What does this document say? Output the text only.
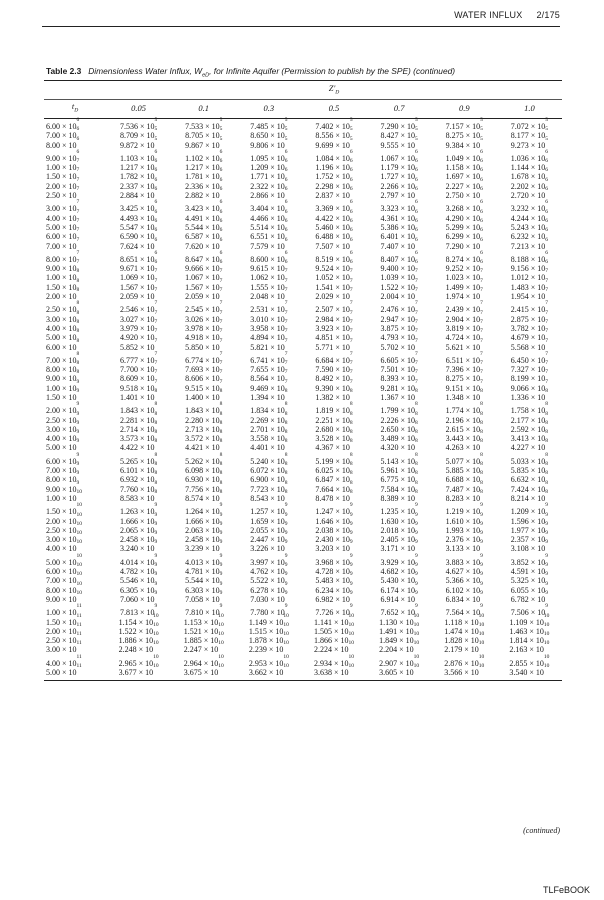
WATER INFLUX 2/175
Table 2.3 Dimensionless Water Influx, $W_{eD}$, for Infinite Aquifer (Permission to publish by the SPE) (continued)
	$Z'_D$
$t_D$	0.05	0.1	0.3	0.5	0.7	0.9	1.0
$6.00 \times 10^6$	$7.536 \times 10^5$	$7.533 \times 10^5$	$7.485 \times 10^5$	$7.402 \times 10^5$	$7.290 \times 10^5$	$7.157 \times 10^5$	$7.072 \times 10^5$
$7.00 \times 10^6$	$8.709 \times 10^5$	$8.705 \times 10^5$	$8.650 \times 10^5$	$8.556 \times 10^5$	$8.427 \times 10^5$	$8.275 \times 10^5$	$8.177 \times 10^5$
$8.00 \times 10^6$	$9.872 \times 10^5$	$9.867 \times 10^5$	$9.806 \times 10^5$	$9.699 \times 10^5$	$9.555 \times 10^5$	$9.384 \times 10^5$	$9.273 \times 10^5$

$9.00 \times 10^6$	$1.103 \times 10^6$	$1.102 \times 10^6$	$1.095 \times 10^6$	$1.084 \times 10^6$	$1.067 \times 10^6$	$1.049 \times 10^6$	$1.036 \times 10^6$
$1.00 \times 10^7$	$1.217 \times 10^6$	$1.217 \times 10^6$	$1.209 \times 10^6$	$1.196 \times 10^6$	$1.179 \times 10^6$	$1.158 \times 10^6$	$1.144 \times 10^6$
$1.50 \times 10^7$	$1.782 \times 10^6$	$1.781 \times 10^6$	$1.771 \times 10^6$	$1.752 \times 10^6$	$1.727 \times 10^6$	$1.697 \times 10^6$	$1.678 \times 10^6$
$2.00 \times 10^7$	$2.337 \times 10^6$	$2.336 \times 10^6$	$2.322 \times 10^6$	$2.298 \times 10^6$	$2.266 \times 10^6$	$2.227 \times 10^6$	$2.202 \times 10^6$
$2.50 \times 10^7$	$2.884 \times 10^6$	$2.882 \times 10^6$	$2.866 \times 10^6$	$2.837 \times 10^6$	$2.797 \times 10^6$	$2.750 \times 10^6$	$2.720 \times 10^6$

$3.00 \times 10^7$	$3.425 \times 10^6$	$3.423 \times 10^6$	$3.404 \times 10^6$	$3.369 \times 10^6$	$3.323 \times 10^6$	$3.268 \times 10^6$	$3.232 \times 10^6$
$4.00 \times 10^7$	$4.493 \times 10^6$	$4.491 \times 10^6$	$4.466 \times 10^6$	$4.422 \times 10^6$	$4.361 \times 10^6$	$4.290 \times 10^6$	$4.244 \times 10^6$
$5.00 \times 10^7$	$5.547 \times 10^6$	$5.544 \times 10^6$	$5.514 \times 10^6$	$5.460 \times 10^6$	$5.386 \times 10^6$	$5.299 \times 10^6$	$5.243 \times 10^6$
$6.00 \times 10^7$	$6.590 \times 10^6$	$6.587 \times 10^6$	$6.551 \times 10^6$	$6.488 \times 10^6$	$6.401 \times 10^6$	$6.299 \times 10^6$	$6.232 \times 10^6$
$7.00 \times 10^7$	$7.624 \times 10^6$	$7.620 \times 10^6$	$7.579 \times 10^6$	$7.507 \times 10^6$	$7.407 \times 10^6$	$7.290 \times 10^6$	$7.213 \times 10^6$

$8.00 \times 10^7$	$8.651 \times 10^6$	$8.647 \times 10^6$	$8.600 \times 10^6$	$8.519 \times 10^6$	$8.407 \times 10^6$	$8.274 \times 10^6$	$8.188 \times 10^6$
$9.00 \times 10^7$	$9.671 \times 10^6$	$9.666 \times 10^6$	$9.615 \times 10^6$	$9.524 \times 10^6$	$9.400 \times 10^6$	$9.252 \times 10^6$	$9.156 \times 10^6$
$1.00 \times 10^8$	$1.069 \times 10^7$	$1.067 \times 10^7$	$1.062 \times 10^7$	$1.052 \times 10^7$	$1.039 \times 10^7$	$1.023 \times 10^7$	$1.012 \times 10^7$
$1.50 \times 10^8$	$1.567 \times 10^7$	$1.567 \times 10^7$	$1.555 \times 10^7$	$1.541 \times 10^7$	$1.522 \times 10^7$	$1.499 \times 10^7$	$1.483 \times 10^7$
$2.00 \times 10^8$	$2.059 \times 10^7$	$2.059 \times 10^7$	$2.048 \times 10^7$	$2.029 \times 10^7$	$2.004 \times 10^7$	$1.974 \times 10^7$	$1.954 \times 10^7$

$2.50 \times 10^8$	$2.546 \times 10^7$	$2.545 \times 10^7$	$2.531 \times 10^7$	$2.507 \times 10^7$	$2.476 \times 10^7$	$2.439 \times 10^7$	$2.415 \times 10^7$
$3.00 \times 10^8$	$3.027 \times 10^7$	$3.026 \times 10^7$	$3.010 \times 10^7$	$2.984 \times 10^7$	$2.947 \times 10^7$	$2.904 \times 10^7$	$2.875 \times 10^7$
$4.00 \times 10^8$	$3.979 \times 10^7$	$3.978 \times 10^7$	$3.958 \times 10^7$	$3.923 \times 10^7$	$3.875 \times 10^7$	$3.819 \times 10^7$	$3.782 \times 10^7$
$5.00 \times 10^8$	$4.920 \times 10^7$	$4.918 \times 10^7$	$4.894 \times 10^7$	$4.851 \times 10^7$	$4.793 \times 10^7$	$4.724 \times 10^7$	$4.679 \times 10^7$
$6.00 \times 10^8$	$5.852 \times 10^7$	$5.850 \times 10^7$	$5.821 \times 10^7$	$5.771 \times 10^7$	$5.702 \times 10^7$	$5.621 \times 10^7$	$5.568 \times 10^7$

$7.00 \times 10^8$	$6.777 \times 10^7$	$6.774 \times 10^7$	$6.741 \times 10^7$	$6.684 \times 10^7$	$6.605 \times 10^7$	$6.511 \times 10^7$	$6.450 \times 10^7$
$8.00 \times 10^8$	$7.700 \times 10^7$	$7.693 \times 10^7$	$7.655 \times 10^7$	$7.590 \times 10^7$	$7.501 \times 10^7$	$7.396 \times 10^7$	$7.327 \times 10^7$
$9.00 \times 10^8$	$8.609 \times 10^7$	$8.606 \times 10^7$	$8.564 \times 10^7$	$8.492 \times 10^7$	$8.393 \times 10^7$	$8.275 \times 10^7$	$8.199 \times 10^7$
$1.00 \times 10^9$	$9.518 \times 10^7$	$9.515 \times 10^7$	$9.469 \times 10^7$	$9.390 \times 10^7$	$9.281 \times 10^7$	$9.151 \times 10^7$	$9.066 \times 10^7$
$1.50 \times 10^9$	$1.401 \times 10^8$	$1.400 \times 10^8$	$1.394 \times 10^8$	$1.382 \times 10^8$	$1.367 \times 10^8$	$1.348 \times 10^8$	$1.336 \times 10^8$

$2.00 \times 10^9$	$1.843 \times 10^8$	$1.843 \times 10^8$	$1.834 \times 10^8$	$1.819 \times 10^8$	$1.799 \times 10^8$	$1.774 \times 10^8$	$1.758 \times 10^8$
$2.50 \times 10^9$	$2.281 \times 10^8$	$2.280 \times 10^8$	$2.269 \times 10^8$	$2.251 \times 10^8$	$2.226 \times 10^8$	$2.196 \times 10^8$	$2.177 \times 10^8$
$3.00 \times 10^9$	$2.714 \times 10^8$	$2.713 \times 10^8$	$2.701 \times 10^8$	$2.680 \times 10^8$	$2.650 \times 10^8$	$2.615 \times 10^8$	$2.592 \times 10^8$
$4.00 \times 10^9$	$3.573 \times 10^8$	$3.572 \times 10^8$	$3.558 \times 10^8$	$3.528 \times 10^8$	$3.489 \times 10^8$	$3.443 \times 10^8$	$3.413 \times 10^8$
$5.00 \times 10^9$	$4.422 \times 10^8$	$4.421 \times 10^8$	$4.401 \times 10^8$	$4.367 \times 10^8$	$4.320 \times 10^8$	$4.263 \times 10^8$	$4.227 \times 10^8$

$6.00 \times 10^9$	$5.265 \times 10^8$	$5.262 \times 10^8$	$5.240 \times 10^8$	$5.199 \times 10^8$	$5.143 \times 10^8$	$5.077 \times 10^8$	$5.033 \times 10^8$
$7.00 \times 10^9$	$6.101 \times 10^8$	$6.098 \times 10^8$	$6.072 \times 10^8$	$6.025 \times 10^8$	$5.961 \times 10^8$	$5.885 \times 10^8$	$5.835 \times 10^8$
$8.00 \times 10^9$	$6.932 \times 10^8$	$6.930 \times 10^8$	$6.900 \times 10^8$	$6.847 \times 10^8$	$6.775 \times 10^8$	$6.688 \times 10^8$	$6.632 \times 10^8$
$9.00 \times 10^9$	$7.760 \times 10^8$	$7.756 \times 10^8$	$7.723 \times 10^8$	$7.664 \times 10^8$	$7.584 \times 10^8$	$7.487 \times 10^8$	$7.424 \times 10^8$
$1.00 \times 10^{10}$	$8.583 \times 10^8$	$8.574 \times 10^8$	$8.543 \times 10^8$	$8.478 \times 10^8$	$8.389 \times 10^8$	$8.283 \times 10^8$	$8.214 \times 10^8$

$1.50 \times 10^{10}$	$1.263 \times 10^9$	$1.264 \times 10^9$	$1.257 \times 10^9$	$1.247 \times 10^9$	$1.235 \times 10^9$	$1.219 \times 10^9$	$1.209 \times 10^9$
$2.00 \times 10^{10}$	$1.666 \times 10^9$	$1.666 \times 10^9$	$1.659 \times 10^9$	$1.646 \times 10^9$	$1.630 \times 10^9$	$1.610 \times 10^9$	$1.596 \times 10^9$
$2.50 \times 10^{10}$	$2.065 \times 10^9$	$2.063 \times 10^9$	$2.055 \times 10^9$	$2.038 \times 10^9$	$2.018 \times 10^9$	$1.993 \times 10^9$	$1.977 \times 10^9$
$3.00 \times 10^{10}$	$2.458 \times 10^9$	$2.458 \times 10^9$	$2.447 \times 10^9$	$2.430 \times 10^9$	$2.405 \times 10^9$	$2.376 \times 10^9$	$2.357 \times 10^9$
$4.00 \times 10^{10}$	$3.240 \times 10^9$	$3.239 \times 10^9$	$3.226 \times 10^9$	$3.203 \times 10^9$	$3.171 \times 10^9$	$3.133 \times 10^9$	$3.108 \times 10^9$

$5.00 \times 10^{10}$	$4.014 \times 10^9$	$4.013 \times 10^9$	$3.997 \times 10^9$	$3.968 \times 10^9$	$3.929 \times 10^9$	$3.883 \times 10^9$	$3.852 \times 10^9$
$6.00 \times 10^{10}$	$4.782 \times 10^9$	$4.781 \times 10^9$	$4.762 \times 10^9$	$4.728 \times 10^9$	$4.682 \times 10^9$	$4.627 \times 10^9$	$4.591 \times 10^9$
$7.00 \times 10^{10}$	$5.546 \times 10^9$	$5.544 \times 10^9$	$5.522 \times 10^9$	$5.483 \times 10^9$	$5.430 \times 10^9$	$5.366 \times 10^9$	$5.325 \times 10^9$
$8.00 \times 10^{10}$	$6.305 \times 10^9$	$6.303 \times 10^9$	$6.278 \times 10^9$	$6.234 \times 10^9$	$6.174 \times 10^9$	$6.102 \times 10^9$	$6.055 \times 10^9$
$9.00 \times 10^{10}$	$7.060 \times 10^9$	$7.058 \times 10^9$	$7.030 \times 10^9$	$6.982 \times 10^9$	$6.914 \times 10^9$	$6.834 \times 10^9$	$6.782 \times 10^9$

$1.00 \times 10^{11}$	$7.813 \times 10^9$	$7.810 \times 10^9$	$7.780 \times 10^9$	$7.726 \times 10^9$	$7.652 \times 10^9$	$7.564 \times 10^9$	$7.506 \times 10^9$
$1.50 \times 10^{11}$	$1.154 \times 10^{10}$	$1.153 \times 10^{10}$	$1.149 \times 10^{10}$	$1.141 \times 10^{10}$	$1.130 \times 10^{10}$	$1.118 \times 10^{10}$	$1.109 \times 10^{10}$
$2.00 \times 10^{11}$	$1.522 \times 10^{10}$	$1.521 \times 10^{10}$	$1.515 \times 10^{10}$	$1.505 \times 10^{10}$	$1.491 \times 10^{10}$	$1.474 \times 10^{10}$	$1.463 \times 10^{10}$
$2.50 \times 10^{11}$	$1.886 \times 10^{10}$	$1.885 \times 10^{10}$	$1.878 \times 10^{10}$	$1.866 \times 10^{10}$	$1.849 \times 10^{10}$	$1.828 \times 10^{10}$	$1.814 \times 10^{10}$
$3.00 \times 10^{11}$	$2.248 \times 10^{10}$	$2.247 \times 10^{10}$	$2.239 \times 10^{10}$	$2.224 \times 10^{10}$	$2.204 \times 10^{10}$	$2.179 \times 10^{10}$	$2.163 \times 10^{10}$

$4.00 \times 10^{11}$	$2.965 \times 10^{10}$	$2.964 \times 10^{10}$	$2.953 \times 10^{10}$	$2.934 \times 10^{10}$	$2.907 \times 10^{10}$	$2.876 \times 10^{10}$	$2.855 \times 10^{10}$
$5.00 \times 10^{11}$	$3.677 \times 10^{10}$	$3.675 \times 10^{10}$	$3.662 \times 10^{10}$	$3.638 \times 10^{10}$	$3.605 \times 10^{10}$	$3.566 \times 10^{10}$	$3.540 \times 10^{10}$
(continued)
TLFeBOOK
